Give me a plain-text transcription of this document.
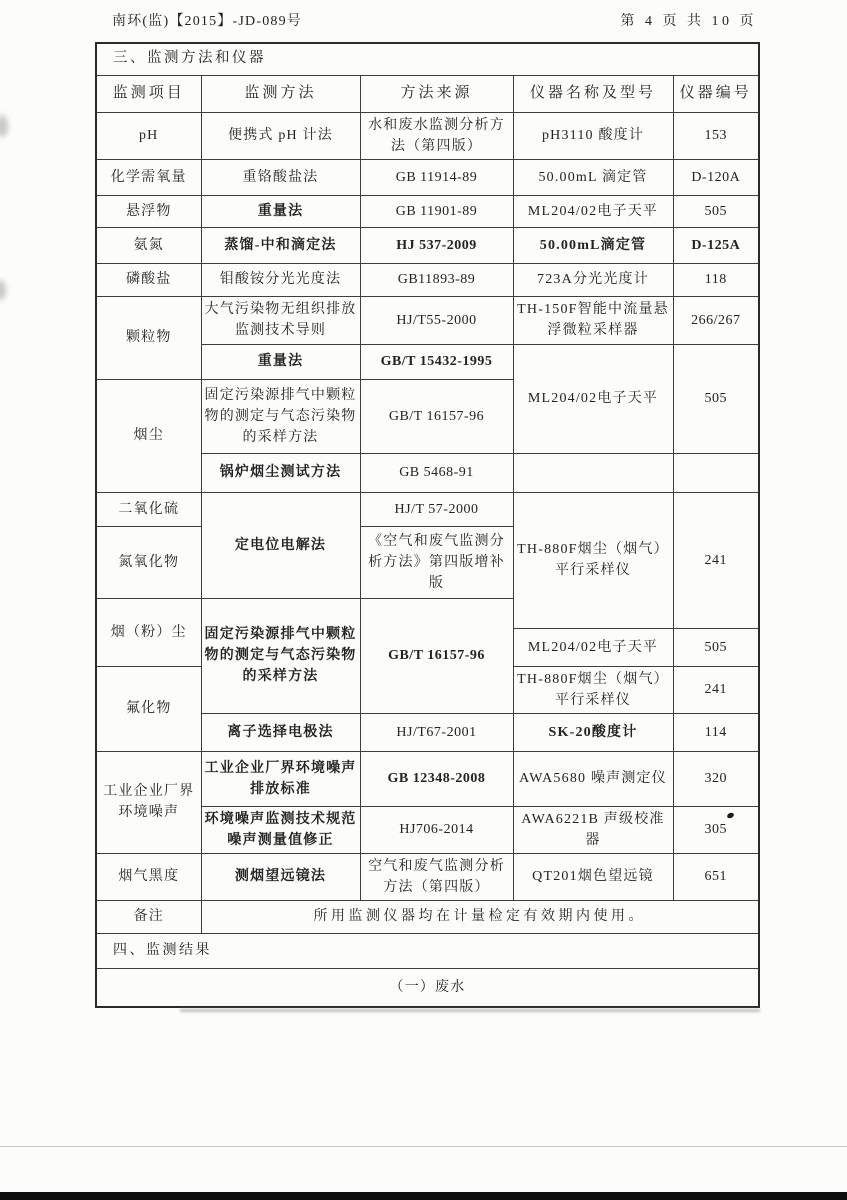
南环(监)【2015】-JD-089号	第 4 页 共 10 页
三、监测方法和仪器				
监测项目	监测方法	方法来源	仪器名称及型号	仪器编号
pH	便携式 pH 计法	水和废水监测分析方法（第四版）	pH3110 酸度计	153
化学需氧量	重铬酸盐法	GB 11914-89	50.00mL 滴定管	D-120A
悬浮物	重量法	GB 11901-89	ML204/02电子天平	505
氨氮	蒸馏-中和滴定法	HJ 537-2009	50.00mL滴定管	D-125A
磷酸盐	钼酸铵分光光度法	GB11893-89	723A分光光度计	118
颗粒物	大气污染物无组织排放监测技术导则	HJ/T55-2000	TH-150F智能中流量悬浮微粒采样器	266/267
	重量法	GB/T 15432-1995	ML204/02电子天平	505
烟尘	固定污染源排气中颗粒物的测定与气态污染物的采样方法	GB/T 16157-96		
	锅炉烟尘测试方法	GB 5468-91		
二氧化硫	定电位电解法	HJ/T 57-2000	TH-880F烟尘（烟气）平行采样仪	241
氮氧化物		《空气和废气监测分析方法》第四版增补版		
烟（粉）尘	固定污染源排气中颗粒物的测定与气态污染物的采样方法	GB/T 16157-96		
			ML204/02电子天平	505
氟化物			TH-880F烟尘（烟气）平行采样仪	241
	离子选择电极法	HJ/T67-2001	SK-20酸度计	114
工业企业厂界环境噪声	工业企业厂界环境噪声排放标准	GB 12348-2008	AWA5680 噪声测定仪	320
	环境噪声监测技术规范噪声测量值修正	HJ706-2014	AWA6221B 声级校准器	305
烟气黑度	测烟望远镜法	空气和废气监测分析方法（第四版）	QT201烟色望远镜	651
备注	所用监测仪器均在计量检定有效期内使用。			
四、监测结果				
（一）废水				
